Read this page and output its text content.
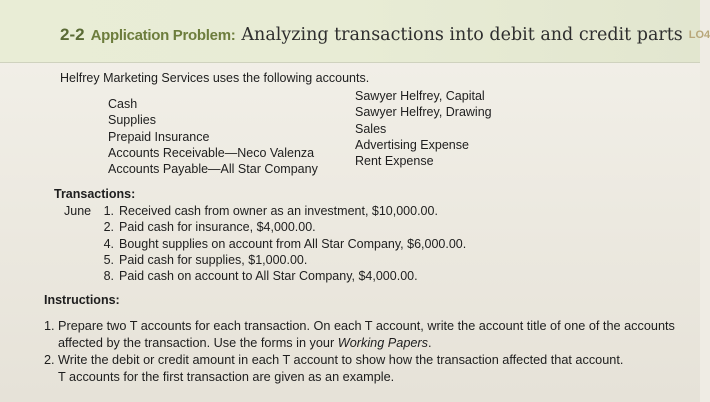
2-2 Application Problem: Analyzing transactions into debit and credit parts LO4
Helfrey Marketing Services uses the following accounts.
Cash
Supplies
Prepaid Insurance
Accounts Receivable—Neco Valenza
Accounts Payable—All Star Company
Sawyer Helfrey, Capital
Sawyer Helfrey, Drawing
Sales
Advertising Expense
Rent Expense
Transactions:
June 1. Received cash from owner as an investment, $10,000.00.
2. Paid cash for insurance, $4,000.00.
4. Bought supplies on account from All Star Company, $6,000.00.
5. Paid cash for supplies, $1,000.00.
8. Paid cash on account to All Star Company, $4,000.00.
Instructions:
1. Prepare two T accounts for each transaction. On each T account, write the account title of one of the accounts
affected by the transaction. Use the forms in your Working Papers.
2. Write the debit or credit amount in each T account to show how the transaction affected that account.
T accounts for the first transaction are given as an example.
